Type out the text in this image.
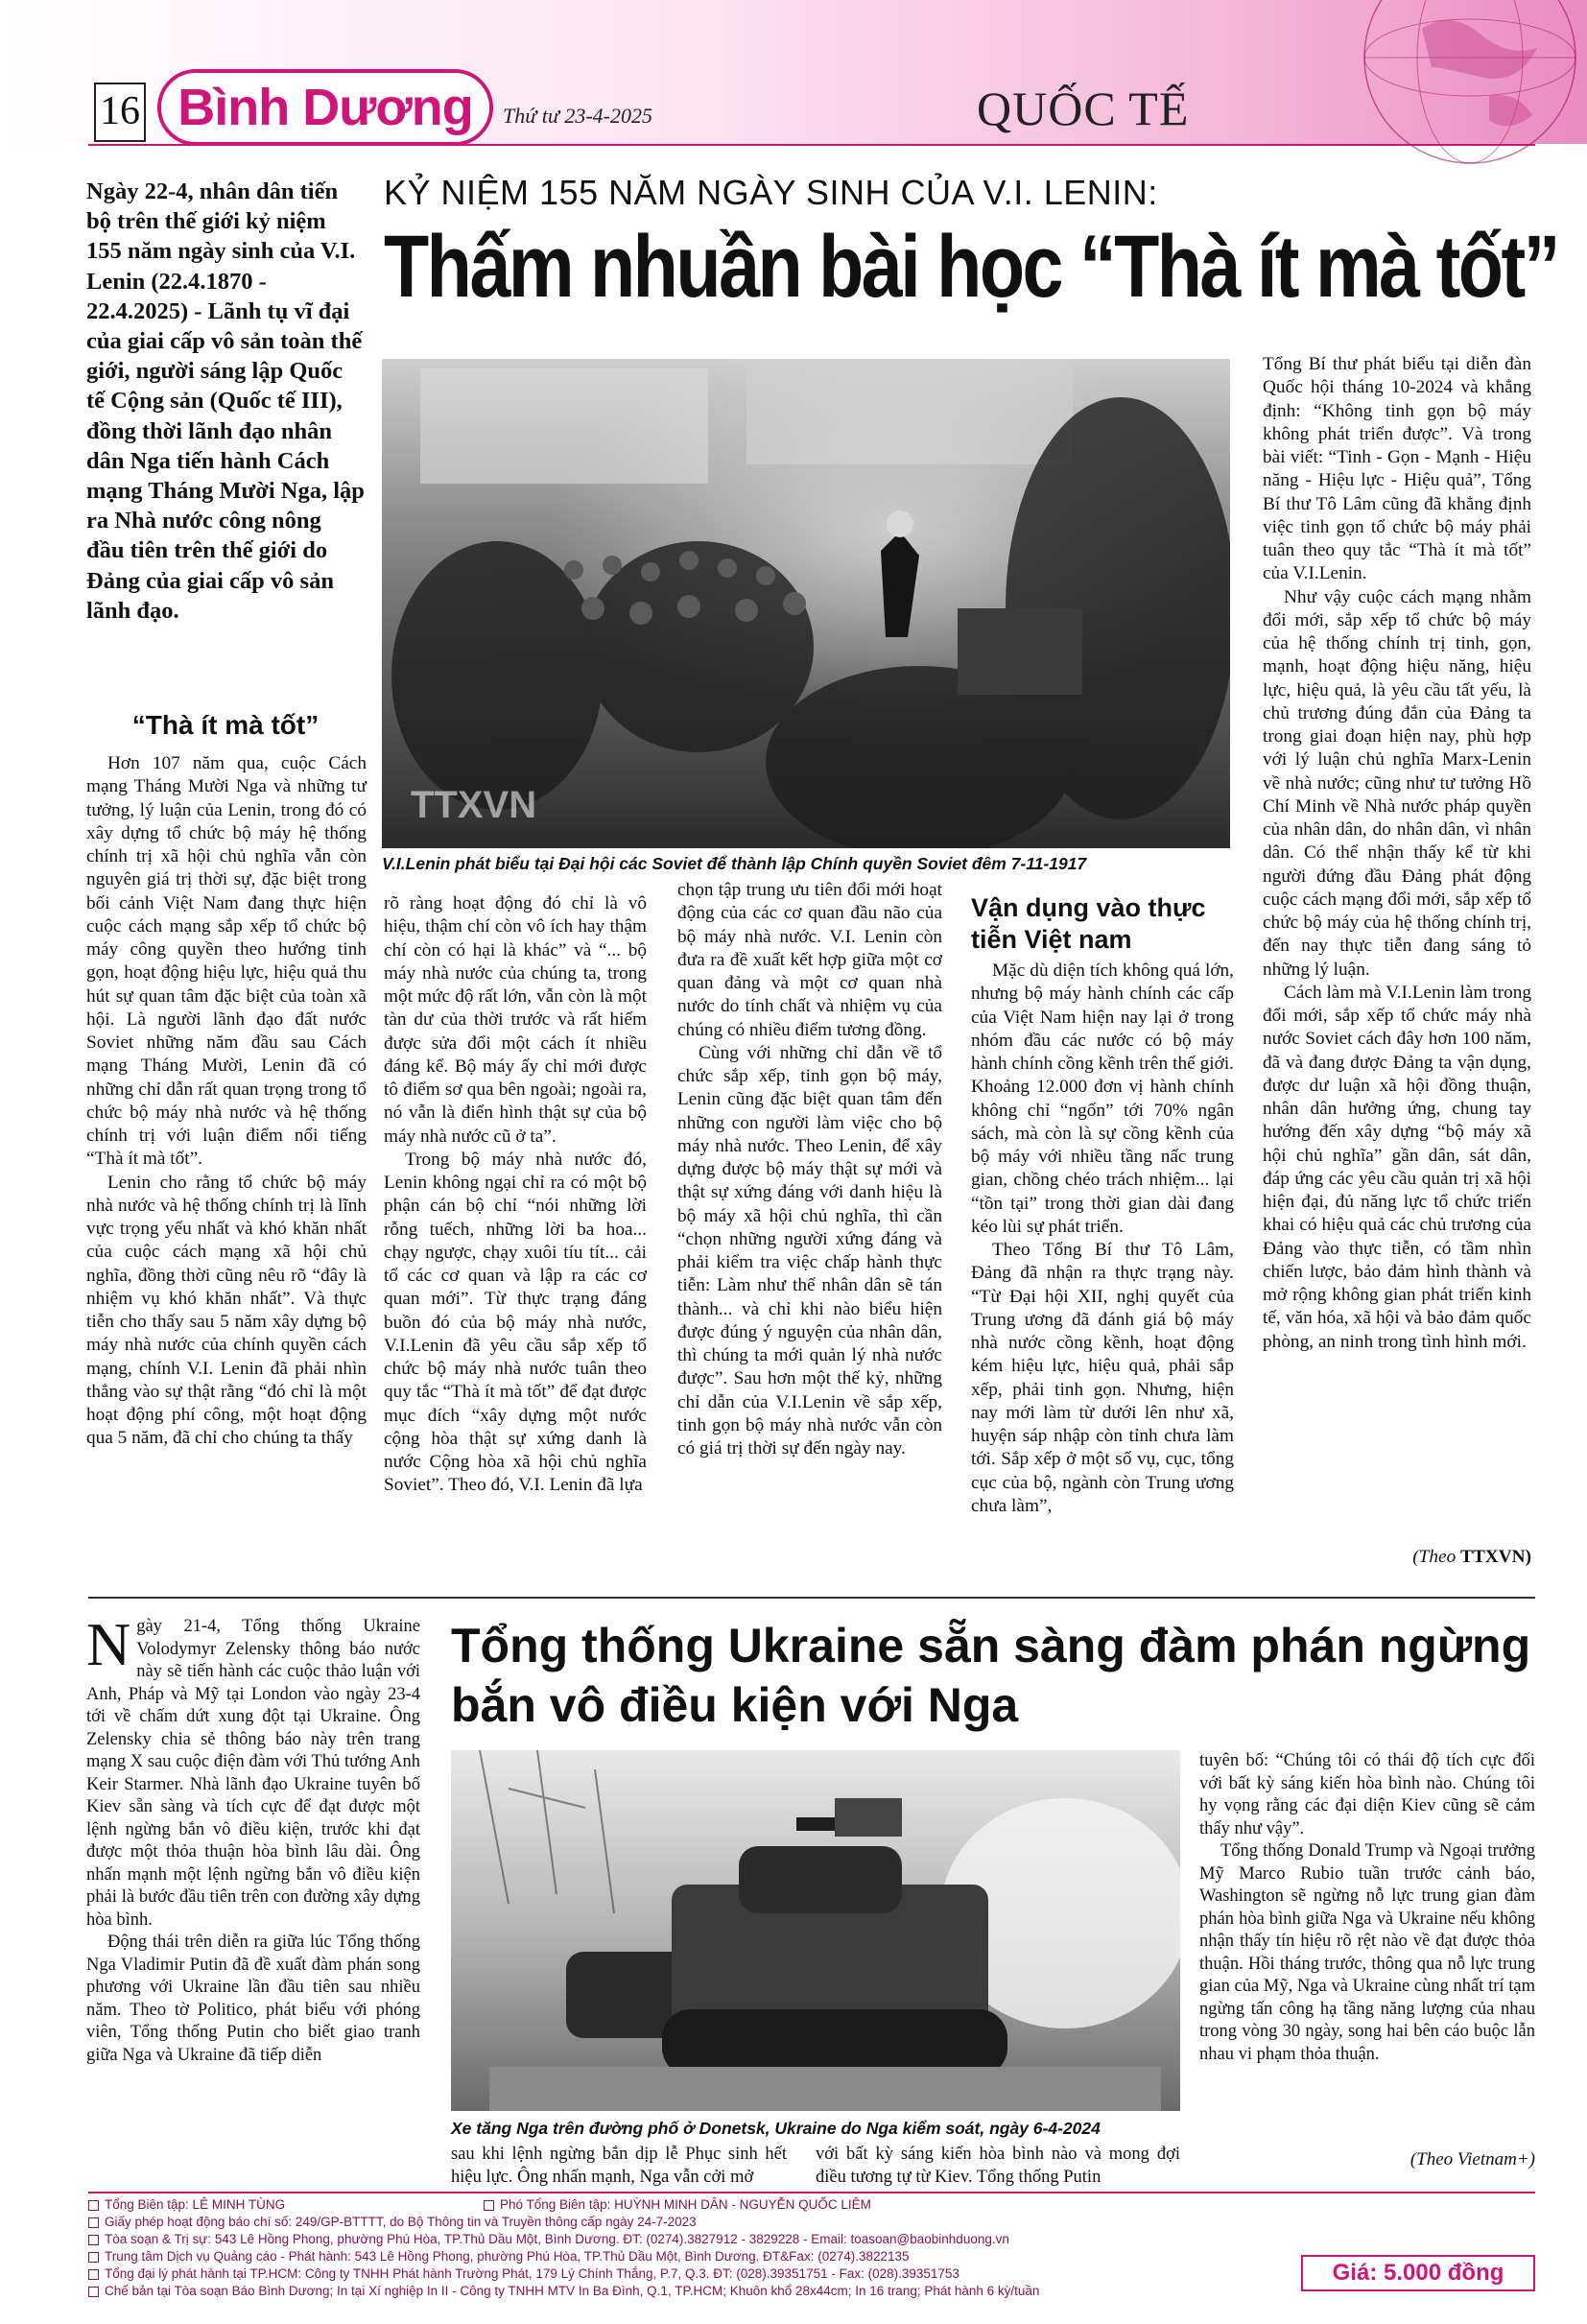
16 Bình Dương	Thứ tư 23-4-2025	QUỐC TẾ
Ngày 22-4, nhân dân tiến bộ trên thế giới kỷ niệm 155 năm ngày sinh của V.I. Lenin (22.4.1870 - 22.4.2025) - Lãnh tụ vĩ đại của giai cấp vô sản toàn thế giới, người sáng lập Quốc tế Cộng sản (Quốc tế III), đồng thời lãnh đạo nhân dân Nga tiến hành Cách mạng Tháng Mười Nga, lập ra Nhà nước công nông đầu tiên trên thế giới do Đảng của giai cấp vô sản lãnh đạo.
“Thà ít mà tốt”
KỶ NIỆM 155 NĂM NGÀY SINH CỦA V.I. LENIN:
Thấm nhuần bài học “Thà ít mà tốt”
TTXVN
V.I.Lenin phát biểu tại Đại hội các Soviet để thành lập Chính quyền Soviet đêm 7-11-1917

Hơn 107 năm qua, cuộc Cách mạng Tháng Mười Nga và những tư tưởng, lý luận của Lenin, trong đó có xây dựng tổ chức bộ máy hệ thống chính trị xã hội chủ nghĩa vẫn còn nguyên giá trị thời sự, đặc biệt trong bối cảnh Việt Nam đang thực hiện cuộc cách mạng sắp xếp tổ chức bộ máy công quyền theo hướng tinh gọn, hoạt động hiệu lực, hiệu quả thu hút sự quan tâm đặc biệt của toàn xã hội. Là người lãnh đạo đất nước Soviet những năm đầu sau Cách mạng Tháng Mười, Lenin đã có những chỉ dẫn rất quan trọng trong tổ chức bộ máy nhà nước và hệ thống chính trị với luận điểm nổi tiếng “Thà ít mà tốt”.

Lenin cho rằng tổ chức bộ máy nhà nước và hệ thống chính trị là lĩnh vực trọng yếu nhất và khó khăn nhất của cuộc cách mạng xã hội chủ nghĩa, đồng thời cũng nêu rõ “đây là nhiệm vụ khó khăn nhất”. Và thực tiễn cho thấy sau 5 năm xây dựng bộ máy nhà nước của chính quyền cách mạng, chính V.I. Lenin đã phải nhìn thẳng vào sự thật rằng “đó chỉ là một hoạt động phí công, một hoạt động qua 5 năm, đã chỉ cho chúng ta thấy

rõ ràng hoạt động đó chỉ là vô hiệu, thậm chí còn vô ích hay thậm chí còn có hại là khác” và “... bộ máy nhà nước của chúng ta, trong một mức độ rất lớn, vẫn còn là một tàn dư của thời trước và rất hiếm được sửa đổi một cách ít nhiều đáng kể. Bộ máy ấy chỉ mới được tô điểm sơ qua bên ngoài; ngoài ra, nó vẫn là điển hình thật sự của bộ máy nhà nước cũ ở ta”.

Trong bộ máy nhà nước đó, Lenin không ngại chỉ ra có một bộ phận cán bộ chỉ “nói những lời rỗng tuếch, những lời ba hoa... chạy ngược, chạy xuôi tíu tít... cải tổ các cơ quan và lập ra các cơ quan mới”. Từ thực trạng đáng buồn đó của bộ máy nhà nước, V.I.Lenin đã yêu cầu sắp xếp tổ chức bộ máy nhà nước tuân theo quy tắc “Thà ít mà tốt” để đạt được mục đích “xây dựng một nước cộng hòa thật sự xứng danh là nước Cộng hòa xã hội chủ nghĩa Soviet”. Theo đó, V.I. Lenin đã lựa

chọn tập trung ưu tiên đổi mới hoạt động của các cơ quan đầu não của bộ máy nhà nước. V.I. Lenin còn đưa ra đề xuất kết hợp giữa một cơ quan đảng và một cơ quan nhà nước do tính chất và nhiệm vụ của chúng có nhiều điểm tương đồng.

Cùng với những chỉ dẫn về tổ chức sắp xếp, tinh gọn bộ máy, Lenin cũng đặc biệt quan tâm đến những con người làm việc cho bộ máy nhà nước. Theo Lenin, để xây dựng được bộ máy thật sự mới và thật sự xứng đáng với danh hiệu là bộ máy xã hội chủ nghĩa, thì cần “chọn những người xứng đáng và phải kiểm tra việc chấp hành thực tiễn: Làm như thế nhân dân sẽ tán thành... và chỉ khi nào biểu hiện được đúng ý nguyện của nhân dân, thì chúng ta mới quản lý nhà nước được”. Sau hơn một thế kỷ, những chỉ dẫn của V.I.Lenin về sắp xếp, tinh gọn bộ máy nhà nước vẫn còn có giá trị thời sự đến ngày nay.

Vận dụng vào thực tiễn Việt nam

Mặc dù diện tích không quá lớn, nhưng bộ máy hành chính các cấp của Việt Nam hiện nay lại ở trong nhóm đầu các nước có bộ máy hành chính cồng kềnh trên thế giới. Khoảng 12.000 đơn vị hành chính không chỉ “ngốn” tới 70% ngân sách, mà còn là sự cồng kềnh của bộ máy với nhiều tầng nấc trung gian, chồng chéo trách nhiệm... lại “tồn tại” trong thời gian dài đang kéo lùi sự phát triển.

Theo Tổng Bí thư Tô Lâm, Đảng đã nhận ra thực trạng này. “Từ Đại hội XII, nghị quyết của Trung ương đã đánh giá bộ máy nhà nước cồng kềnh, hoạt động kém hiệu lực, hiệu quả, phải sắp xếp, phải tinh gọn. Nhưng, hiện nay mới làm từ dưới lên như xã, huyện sáp nhập còn tỉnh chưa làm tới. Sắp xếp ở một số vụ, cục, tổng cục của bộ, ngành còn Trung ương chưa làm”,

Tổng Bí thư phát biểu tại diễn đàn Quốc hội tháng 10-2024 và khẳng định: “Không tinh gọn bộ máy không phát triển được”. Và trong bài viết: “Tinh - Gọn - Mạnh - Hiệu năng - Hiệu lực - Hiệu quả”, Tổng Bí thư Tô Lâm cũng đã khẳng định việc tinh gọn tổ chức bộ máy phải tuân theo quy tắc “Thà ít mà tốt” của V.I.Lenin.

Như vậy cuộc cách mạng nhằm đổi mới, sắp xếp tổ chức bộ máy của hệ thống chính trị tinh, gọn, mạnh, hoạt động hiệu năng, hiệu lực, hiệu quả, là yêu cầu tất yếu, là chủ trương đúng đắn của Đảng ta trong giai đoạn hiện nay, phù hợp với lý luận chủ nghĩa Marx-Lenin về nhà nước; cũng như tư tưởng Hồ Chí Minh về Nhà nước pháp quyền của nhân dân, do nhân dân, vì nhân dân. Có thể nhận thấy kể từ khi người đứng đầu Đảng phát động cuộc cách mạng đổi mới, sắp xếp tổ chức bộ máy của hệ thống chính trị, đến nay thực tiễn đang sáng tỏ những lý luận.

Cách làm mà V.I.Lenin làm trong đổi mới, sắp xếp tổ chức máy nhà nước Soviet cách đây hơn 100 năm, đã và đang được Đảng ta vận dụng, được dư luận xã hội đồng thuận, nhân dân hưởng ứng, chung tay hướng đến xây dựng “bộ máy xã hội chủ nghĩa” gần dân, sát dân, đáp ứng các yêu cầu quản trị xã hội hiện đại, đủ năng lực tổ chức triển khai có hiệu quả các chủ trương của Đảng vào thực tiễn, có tầm nhìn chiến lược, bảo đảm hình thành và mở rộng không gian phát triển kinh tế, văn hóa, xã hội và bảo đảm quốc phòng, an ninh trong tình hình mới.

(Theo TTXVN)
Ngày 21-4, Tổng thống Ukraine Volodymyr Zelensky thông báo nước này sẽ tiến hành các cuộc thảo luận với Anh, Pháp và Mỹ tại London vào ngày 23-4 tới về chấm dứt xung đột tại Ukraine. Ông Zelensky chia sẻ thông báo này trên trang mạng X sau cuộc điện đàm với Thủ tướng Anh Keir Starmer. Nhà lãnh đạo Ukraine tuyên bố Kiev sẵn sàng và tích cực để đạt được một lệnh ngừng bắn vô điều kiện, trước khi đạt được một thỏa thuận hòa bình lâu dài. Ông nhấn mạnh một lệnh ngừng bắn vô điều kiện phải là bước đầu tiên trên con đường xây dựng hòa bình.
Động thái trên diễn ra giữa lúc Tổng thống Nga Vladimir Putin đã đề xuất đàm phán song phương với Ukraine lần đầu tiên sau nhiều năm. Theo tờ Politico, phát biểu với phóng viên, Tổng thống Putin cho biết giao tranh giữa Nga và Ukraine đã tiếp diễn
Tổng thống Ukraine sẵn sàng đàm phán ngừng bắn vô điều kiện với Nga
Xe tăng Nga trên đường phố ở Donetsk, Ukraine do Nga kiểm soát, ngày 6-4-2024
sau khi lệnh ngừng bắn dịp lễ Phục sinh hết hiệu lực. Ông nhấn mạnh, Nga vẫn cởi mở
với bất kỳ sáng kiến hòa bình nào và mong đợi điều tương tự từ Kiev. Tổng thống Putin
tuyên bố: “Chúng tôi có thái độ tích cực đối với bất kỳ sáng kiến hòa bình nào. Chúng tôi hy vọng rằng các đại diện Kiev cũng sẽ cảm thấy như vậy”.
Tổng thống Donald Trump và Ngoại trưởng Mỹ Marco Rubio tuần trước cảnh báo, Washington sẽ ngừng nỗ lực trung gian đàm phán hòa bình giữa Nga và Ukraine nếu không nhận thấy tín hiệu rõ rệt nào về đạt được thỏa thuận. Hồi tháng trước, thông qua nỗ lực trung gian của Mỹ, Nga và Ukraine cùng nhất trí tạm ngừng tấn công hạ tầng năng lượng của nhau trong vòng 30 ngày, song hai bên cáo buộc lẫn nhau vi phạm thỏa thuận.
(Theo Vietnam+)
Tổng Biên tập: LÊ MINH TÙNG	Phó Tổng Biên tập: HUỲNH MINH DÂN - NGUYỄN QUỐC LIÊM
Giấy phép hoạt động báo chí số: 249/GP-BTTTT, do Bộ Thông tin và Truyền thông cấp ngày 24-7-2023
Tòa soạn & Trị sự: 543 Lê Hồng Phong, phường Phú Hòa, TP.Thủ Dầu Một, Bình Dương. ĐT: (0274).3827912 - 3829228 - Email: toasoan@baobinhduong.vn
Trung tâm Dịch vụ Quảng cáo - Phát hành: 543 Lê Hồng Phong, phường Phú Hòa, TP.Thủ Dầu Một, Bình Dương. ĐT&Fax: (0274).3822135
Tổng đại lý phát hành tại TP.HCM: Công ty TNHH Phát hành Trường Phát, 179 Lý Chính Thắng, P.7, Q.3. ĐT: (028).39351751 - Fax: (028).39351753
Chế bản tại Tòa soạn Báo Bình Dương; In tại Xí nghiệp In II - Công ty TNHH MTV In Ba Đình, Q.1, TP.HCM; Khuôn khổ 28x44cm; In 16 trang; Phát hành 6 kỳ/tuần
Giá: 5.000 đồng
